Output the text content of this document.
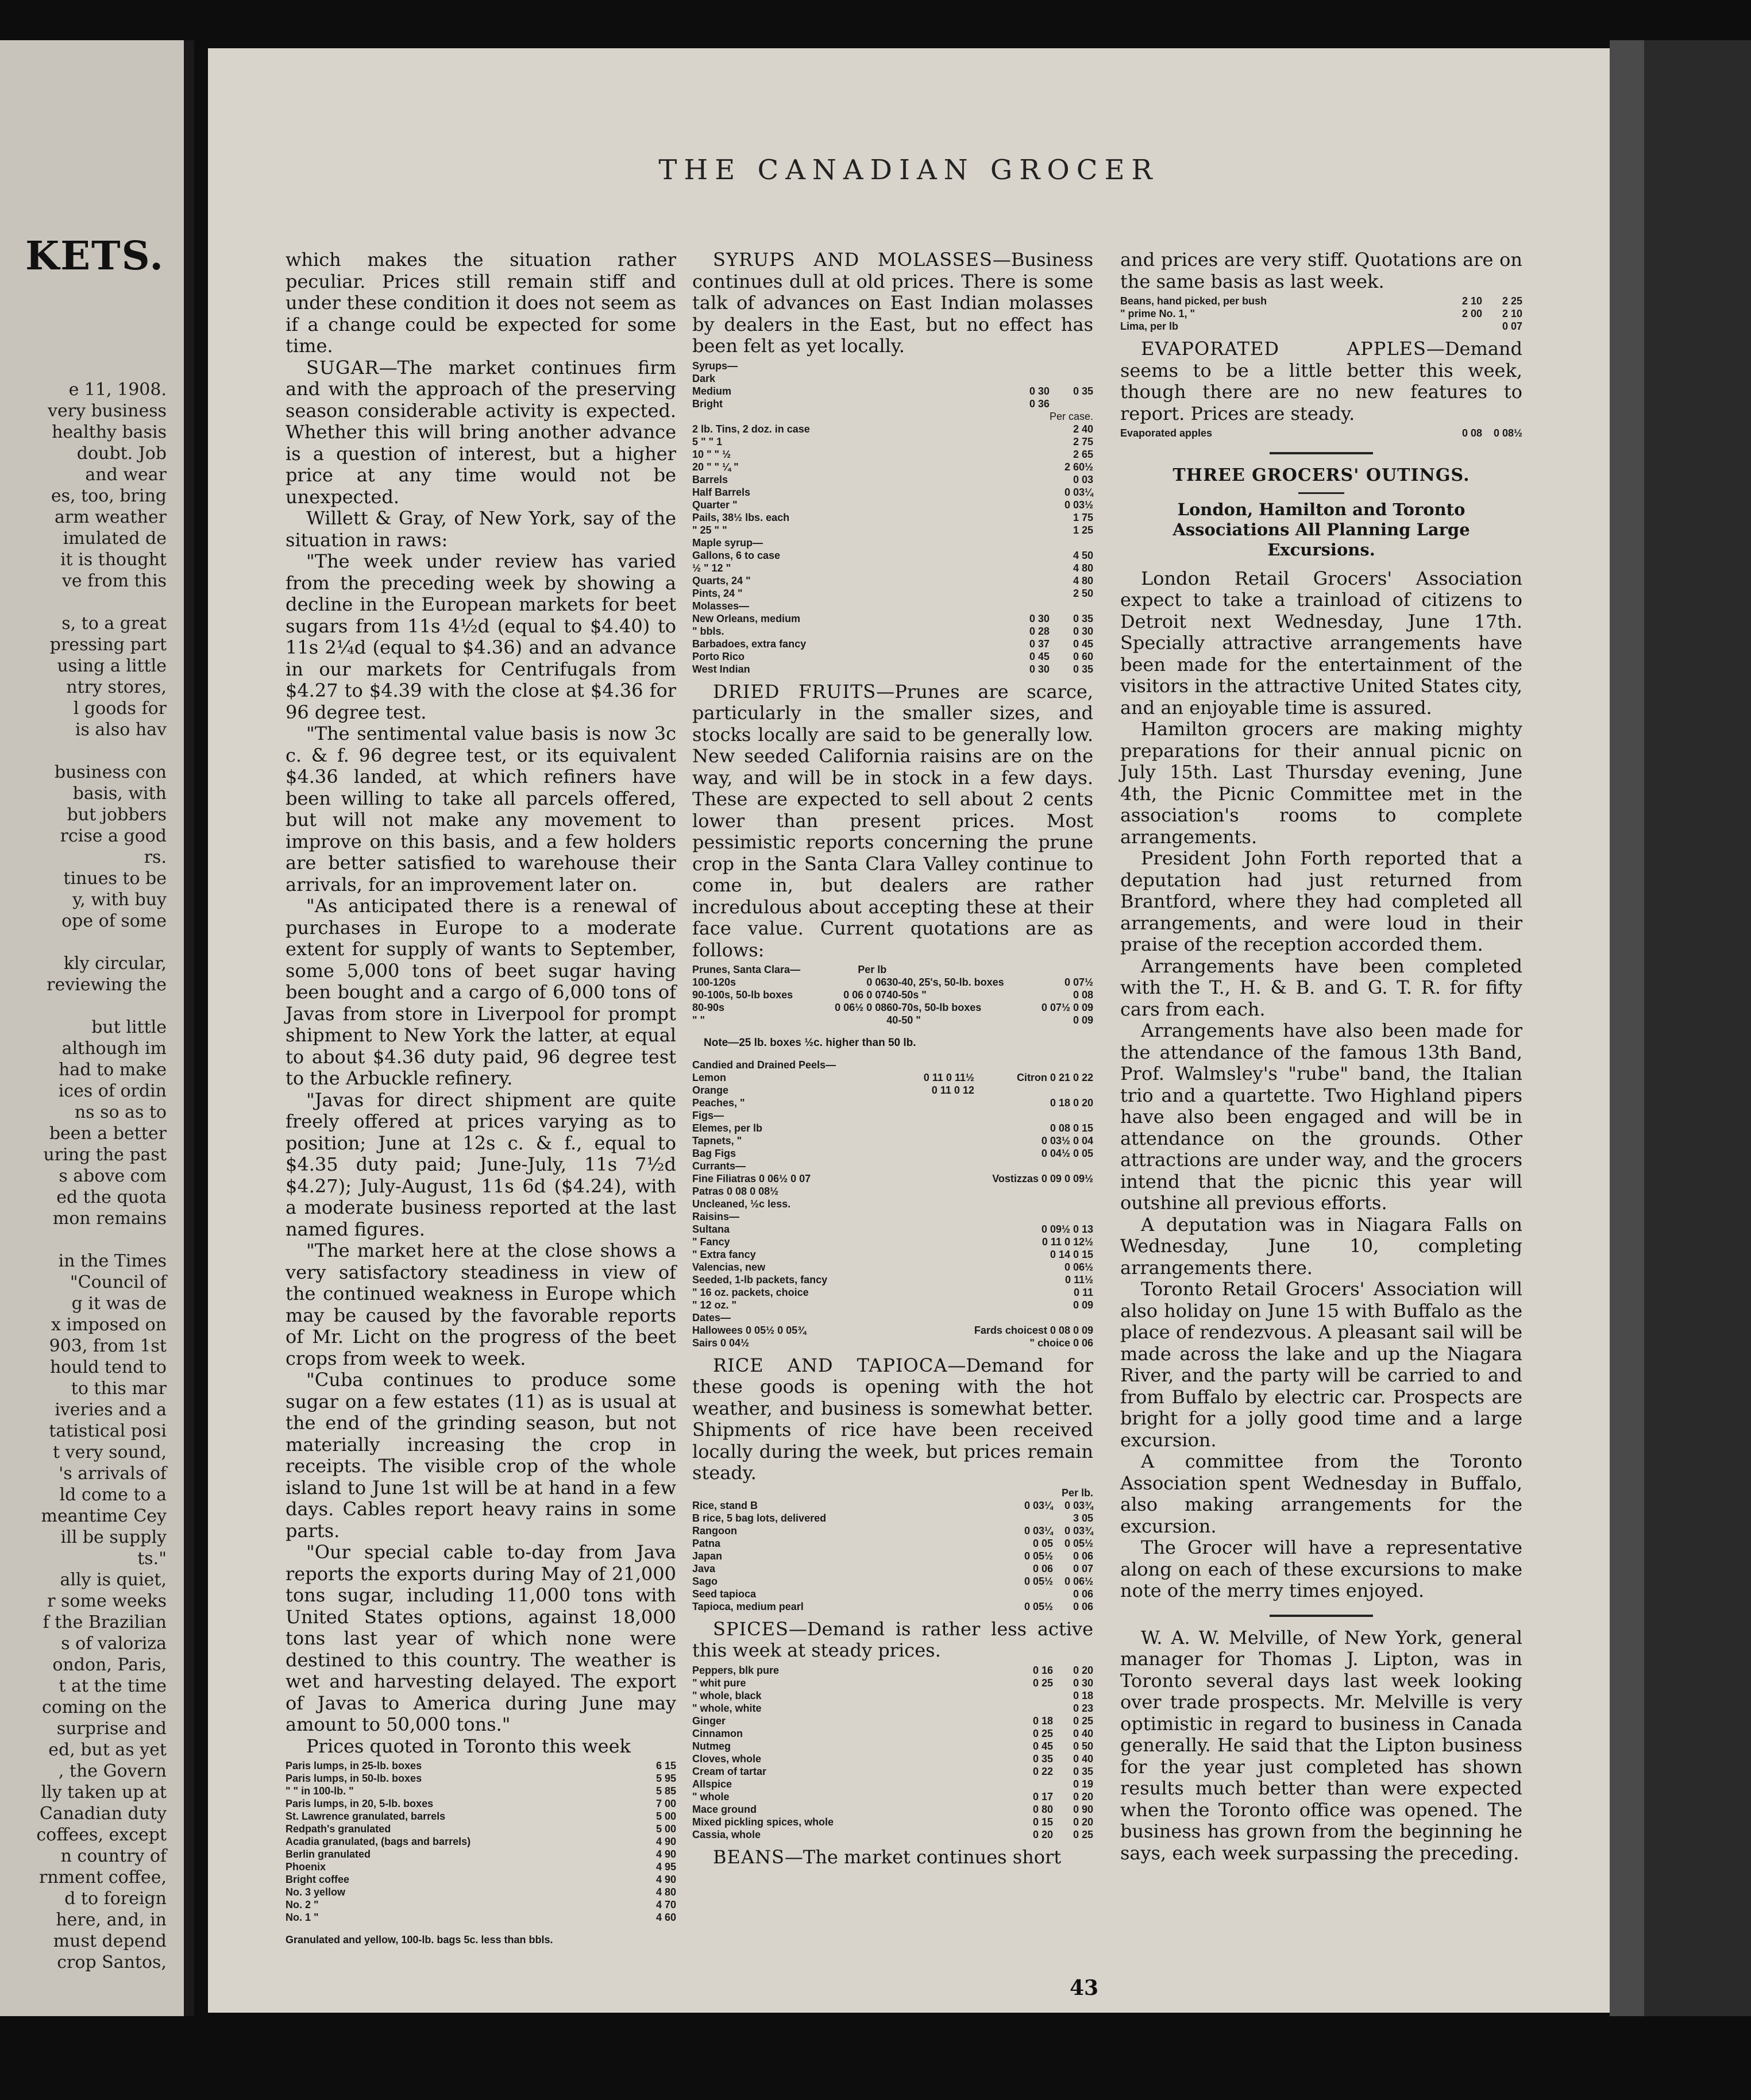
KETS.
e 11, 1908.
very business
healthy basis
doubt. Job
and wear
es, too, bring
arm weather
imulated de
it is thought
ve from this

s, to a great
pressing part
using a little
ntry stores,
l goods for
is also hav

business con
basis, with
but jobbers
rcise a good
rs.
tinues to be
y, with buy
ope of some

kly circular,
reviewing the

but little
although im
had to make
ices of ordin
ns so as to
been a better
uring the past
s above com
ed the quota
mon remains

in the Times
"Council of
g it was de
x imposed on
903, from 1st
hould tend to
to this mar
iveries and a
tatistical posi
t very sound,
's arrivals of
ld come to a
meantime Cey
ill be supply
ts."
ally is quiet,
r some weeks
f the Brazilian
s of valoriza
ondon, Paris,
t at the time
coming on the
surprise and
ed, but as yet
, the Govern
lly taken up at
Canadian duty
coffees, except
n country of
rnment coffee,
d to foreign
here, and, in
must depend
crop Santos,
THE CANADIAN GROCER

which makes the situation rather peculiar. Prices still remain stiff and under these condition it does not seem as if a change could be expected for some time.

SUGAR—The market continues firm and with the approach of the preserving season considerable activity is expected. Whether this will bring another advance is a question of interest, but a higher price at any time would not be unexpected.

Willett & Gray, of New York, say of the situation in raws:

"The week under review has varied from the preceding week by showing a decline in the European markets for beet sugars from 11s 4½d (equal to $4.40) to 11s 2¼d (equal to $4.36) and an advance in our markets for Centrifugals from $4.27 to $4.39 with the close at $4.36 for 96 degree test.

"The sentimental value basis is now 3c c. & f. 96 degree test, or its equivalent $4.36 landed, at which refiners have been willing to take all parcels offered, but will not make any movement to improve on this basis, and a few holders are better satisfied to warehouse their arrivals, for an improvement later on.

"As anticipated there is a renewal of purchases in Europe to a moderate extent for supply of wants to September, some 5,000 tons of beet sugar having been bought and a cargo of 6,000 tons of Javas from store in Liverpool for prompt shipment to New York the latter, at equal to about $4.36 duty paid, 96 degree test to the Arbuckle refinery.

"Javas for direct shipment are quite freely offered at prices varying as to position; June at 12s c. & f., equal to $4.35 duty paid; June-July, 11s 7½d $4.27); July-August, 11s 6d ($4.24), with a moderate business reported at the last named figures.

"The market here at the close shows a very satisfactory steadiness in view of the continued weakness in Europe which may be caused by the favorable reports of Mr. Licht on the progress of the beet crops from week to week.

"Cuba continues to produce some sugar on a few estates (11) as is usual at the end of the grinding season, but not materially increasing the crop in receipts. The visible crop of the whole island to June 1st will be at hand in a few days. Cables report heavy rains in some parts.

"Our special cable to-day from Java reports the exports during May of 21,000 tons sugar, including 11,000 tons with United States options, against 18,000 tons last year of which none were destined to this country. The weather is wet and harvesting delayed. The export of Javas to America during June may amount to 50,000 tons."

Prices quoted in Toronto this week

Paris lumps, in 25-lb. boxes	6 15
Paris lumps, in 50-lb. boxes	5 95
" " in 100-lb. "	5 85
Paris lumps, in 20, 5-lb. boxes	7 00
St. Lawrence granulated, barrels	5 00
Redpath's granulated	5 00
Acadia granulated, (bags and barrels)	4 90
Berlin granulated	4 90
Phoenix	4 95
Bright coffee	4 90
No. 3 yellow	4 80
No. 2 "	4 70
No. 1 "	4 60
Granulated and yellow, 100-lb. bags 5c. less than bbls.

SYRUPS AND MOLASSES—Business continues dull at old prices. There is some talk of advances on East Indian molasses by dealers in the East, but no effect has been felt as yet locally.

Syrups—		
Dark		
Medium	0 30	0 35
Bright	0 36	
		Per case.
2 lb. Tins, 2 doz. in case		2 40
5 " " 1		2 75
10 " " ½		2 65
20 " " ¼ "		2 60½
Barrels		0 03
Half Barrels		0 03¼
Quarter "		0 03½
Pails, 38½ lbs. each		1 75
" 25 " "		1 25
Maple syrup—		
Gallons, 6 to case		4 50
½ " 12 "		4 80
Quarts, 24 "		4 80
Pints, 24 "		2 50
Molasses—		
New Orleans, medium	0 30	0 35
" bbls.	0 28	0 30
Barbadoes, extra fancy	0 37	0 45
Porto Rico	0 45	0 60
West Indian	0 30	0 35

DRIED FRUITS—Prunes are scarce, particularly in the smaller sizes, and stocks locally are said to be generally low. New seeded California raisins are on the way, and will be in stock in a few days. These are expected to sell about 2 cents lower than present prices. Most pessimistic reports concerning the prune crop in the Santa Clara Valley continue to come in, but dealers are rather incredulous about accepting these at their face value. Current quotations are as follows:

Prunes, Santa Clara—	Per lb		
100-120s	0 06	30-40, 25's, 50-lb. boxes	0 07½
90-100s, 50-lb boxes	0 06 0 07	40-50s "	0 08
80-90s	0 06½ 0 08	60-70s, 50-lb boxes	0 07½ 0 09
" "		40-50 "	0 09
Note—25 lb. boxes ½c. higher than 50 lb.
Candied and Drained Peels—		
Lemon	0 11 0 11½	Citron 0 21 0 22
Orange	0 11 0 12	
Peaches, "		0 18 0 20
Figs—		
Elemes, per lb		0 08 0 15
Tapnets, "		0 03½ 0 04
Bag Figs		0 04½ 0 05
Currants—		
Fine Filiatras 0 06½ 0 07		Vostizzas 0 09 0 09½
Patras 0 08 0 08½		
Uncleaned, ½c less.		
Raisins—		
Sultana		0 09½ 0 13
" Fancy		0 11 0 12½
" Extra fancy		0 14 0 15
Valencias, new		0 06½
Seeded, 1-lb packets, fancy		0 11½
" 16 oz. packets, choice		0 11
" 12 oz. "		0 09
Dates—		
Hallowees 0 05½ 0 05¾		Fards choicest 0 08 0 09
Sairs 0 04½		" choice 0 06

RICE AND TAPIOCA—Demand for these goods is opening with the hot weather, and business is somewhat better. Shipments of rice have been received locally during the week, but prices remain steady.

		Per lb.
Rice, stand B	0 03¼	0 03¾
B rice, 5 bag lots, delivered		3 05
Rangoon	0 03¼	0 03¾
Patna	0 05	0 05½
Japan	0 05½	0 06
Java	0 06	0 07
Sago	0 05½	0 06½
Seed tapioca		0 06
Tapioca, medium pearl	0 05½	0 06

SPICES—Demand is rather less active this week at steady prices.

Peppers, blk pure	0 16	0 20
" whit pure	0 25	0 30
" whole, black		0 18
" whole, white		0 23
Ginger	0 18	0 25
Cinnamon	0 25	0 40
Nutmeg	0 45	0 50
Cloves, whole	0 35	0 40
Cream of tartar	0 22	0 35
Allspice		0 19
" whole	0 17	0 20
Mace ground	0 80	0 90
Mixed pickling spices, whole	0 15	0 20
Cassia, whole	0 20	0 25

BEANS—The market continues short

and prices are very stiff. Quotations are on the same basis as last week.

Beans, hand picked, per bush	2 10	2 25
" prime No. 1, "	2 00	2 10
Lima, per lb		0 07

EVAPORATED APPLES—Demand seems to be a little better this week, though there are no new features to report. Prices are steady.

Evaporated apples	0 08	0 08½
THREE GROCERS' OUTINGS.
London, Hamilton and Toronto Associations All Planning Large Excursions.

London Retail Grocers' Association expect to take a trainload of citizens to Detroit next Wednesday, June 17th. Specially attractive arrangements have been made for the entertainment of the visitors in the attractive United States city, and an enjoyable time is assured.

Hamilton grocers are making mighty preparations for their annual picnic on July 15th. Last Thursday evening, June 4th, the Picnic Committee met in the association's rooms to complete arrangements.

President John Forth reported that a deputation had just returned from Brantford, where they had completed all arrangements, and were loud in their praise of the reception accorded them.

Arrangements have been completed with the T., H. & B. and G. T. R. for fifty cars from each.

Arrangements have also been made for the attendance of the famous 13th Band, Prof. Walmsley's "rube" band, the Italian trio and a quartette. Two Highland pipers have also been engaged and will be in attendance on the grounds. Other attractions are under way, and the grocers intend that the picnic this year will outshine all previous efforts.

A deputation was in Niagara Falls on Wednesday, June 10, completing arrangements there.

Toronto Retail Grocers' Association will also holiday on June 15 with Buffalo as the place of rendezvous. A pleasant sail will be made across the lake and up the Niagara River, and the party will be carried to and from Buffalo by electric car. Prospects are bright for a jolly good time and a large excursion.

A committee from the Toronto Association spent Wednesday in Buffalo, also making arrangements for the excursion.

The Grocer will have a representative along on each of these excursions to make note of the merry times enjoyed.

W. A. W. Melville, of New York, general manager for Thomas J. Lipton, was in Toronto several days last week looking over trade prospects. Mr. Melville is very optimistic in regard to business in Canada generally. He said that the Lipton business for the year just completed has shown results much better than were expected when the Toronto office was opened. The business has grown from the beginning he says, each week surpassing the preceding.

43
